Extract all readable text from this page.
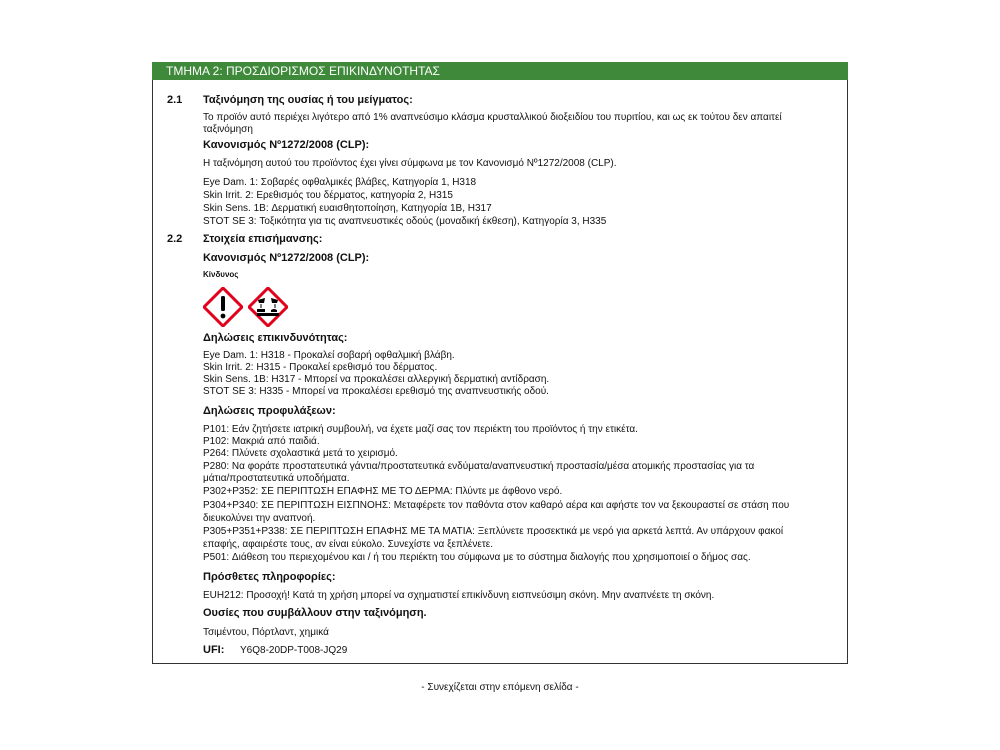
ΤΜΗΜΑ 2: ΠΡΟΣΔΙΟΡΙΣΜΟΣ ΕΠΙΚΙΝΔΥΝΟΤΗΤΑΣ
2.1 Ταξινόμηση της ουσίας ή του μείγματος:
Το προϊόν αυτό περιέχει λιγότερο από 1% αναπνεύσιμο κλάσμα κρυσταλλικού διοξειδίου του πυριτίου, και ως εκ τούτου δεν απαιτεί
ταξινόμηση
Κανονισμός Nº1272/2008 (CLP):
Η ταξινόμηση αυτού του προϊόντος έχει γίνει σύμφωνα με τον Κανονισμό Nº1272/2008 (CLP).
Eye Dam. 1: Σοβαρές οφθαλμικές βλάβες, Κατηγορία 1, H318
Skin Irrit. 2: Ερεθισμός του δέρματος, κατηγορία 2, H315
Skin Sens. 1B: Δερματική ευαισθητοποίηση, Κατηγορία 1B, H317
STOT SE 3: Τοξικότητα για τις αναπνευστικές οδούς (μοναδική έκθεση), Κατηγορία 3, H335
2.2 Στοιχεία επισήμανσης:
Κανονισμός Nº1272/2008 (CLP):
Κίνδυνος
Δηλώσεις επικινδυνότητας:
Eye Dam. 1: H318 - Προκαλεί σοβαρή οφθαλμική βλάβη.
Skin Irrit. 2: H315 - Προκαλεί ερεθισμό του δέρματος.
Skin Sens. 1B: H317 - Μπορεί να προκαλέσει αλλεργική δερματική αντίδραση.
STOT SE 3: H335 - Μπορεί να προκαλέσει ερεθισμό της αναπνευστικής οδού.
Δηλώσεις προφυλάξεων:
P101: Εάν ζητήσετε ιατρική συμβουλή, να έχετε μαζί σας τον περιέκτη του προϊόντος ή την ετικέτα.
P102: Μακριά από παιδιά.
P264: Πλύνετε σχολαστικά μετά το χειρισμό.
P280: Να φοράτε προστατευτικά γάντια/προστατευτικά ενδύματα/αναπνευστική προστασία/μέσα ατομικής προστασίας για τα
μάτια/προστατευτικά υποδήματα.
P302+P352: ΣΕ ΠΕΡΙΠΤΩΣΗ ΕΠΑΦΗΣ ΜΕ ΤΟ ΔΕΡΜΑ: Πλύντε με άφθονο νερό.
P304+P340: ΣΕ ΠΕΡΙΠΤΩΣΗ ΕΙΣΠΝΟΗΣ: Μεταφέρετε τον παθόντα στον καθαρό αέρα και αφήστε τον να ξεκουραστεί σε στάση που
διευκολύνει την αναπνοή.
P305+P351+P338: ΣΕ ΠΕΡΙΠΤΩΣΗ ΕΠΑΦΗΣ ΜΕ ΤΑ ΜΑΤΙΑ: Ξεπλύνετε προσεκτικά με νερό για αρκετά λεπτά. Αν υπάρχουν φακοί
επαφής, αφαιρέστε τους, αν είναι εύκολο. Συνεχίστε να ξεπλένετε.
P501: Διάθεση του περιεχομένου και / ή του περιέκτη του σύμφωνα με το σύστημα διαλογής που χρησιμοποιεί ο δήμος σας.
Πρόσθετες πληροφορίες:
EUH212: Προσοχή! Κατά τη χρήση μπορεί να σχηματιστεί επικίνδυνη εισπνεύσιμη σκόνη. Μην αναπνέετε τη σκόνη.
Ουσίες που συμβάλλουν στην ταξινόμηση.
Τσιμέντου, Πόρτλαντ, χημικά
UFI: Y6Q8-20DP-T008-JQ29
- Συνεχίζεται στην επόμενη σελίδα -
